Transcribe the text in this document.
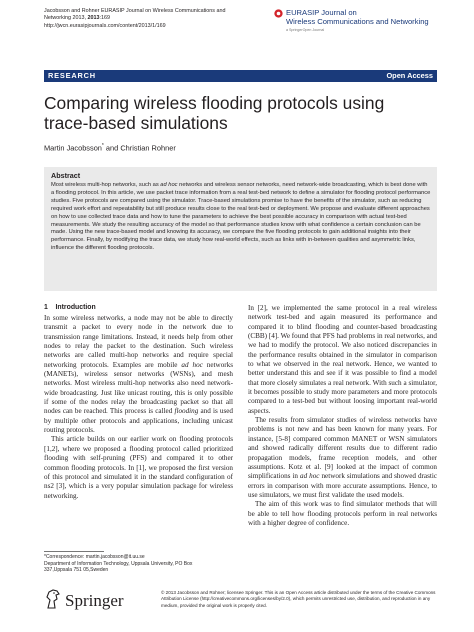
Jacobsson and Rohner EURASIP Journal on Wireless Communications and
Networking 2013, 2013:169
http://jwcn.eurasipjournals.com/content/2013/1/169
EURASIP Journal on
Wireless Communications and Networking
a SpringerOpen Journal
RESEARCH	Open Access
Comparing wireless flooding protocols using
trace-based simulations
Martin Jacobsson* and Christian Rohner
Abstract

Most wireless multi-hop networks, such as ad hoc networks and wireless sensor networks, need network-wide broadcasting, which is best done with a flooding protocol. In this article, we use packet trace information from a real test-bed network to define a simulator for flooding protocol performance studies. Five protocols are compared using the simulator. Trace-based simulations promise to have the benefits of the simulator, such as reducing required work effort and repeatability but still produce results close to the real test-bed or deployment. We propose and evaluate different approaches on how to use collected trace data and how to tune the parameters to achieve the best possible accuracy in comparison with actual test-bed measurements. We study the resulting accuracy of the model so that performance studies know with what confidence a certain conclusion can be made. Using the new trace-based model and knowing its accuracy, we compare the five flooding protocols to gain additional insights into their performance. Finally, by modifying the trace data, we study how real-world effects, such as links with in-between qualities and asymmetric links, influence the different flooding protocols.

1 Introduction

In some wireless networks, a node may not be able to directly transmit a packet to every node in the network due to transmission range limitations. Instead, it needs help from other nodes to relay the packet to the destination. Such wireless networks are called multi-hop networks and require special networking protocols. Examples are mobile ad hoc networks (MANETs), wireless sensor networks (WSNs), and mesh networks. Most wireless multi-hop networks also need network-wide broadcasting. Just like unicast routing, this is only possible if some of the nodes relay the broadcasting packet so that all nodes can be reached. This process is called flooding and is used by multiple other protocols and applications, including unicast routing protocols.

This article builds on our earlier work on flooding protocols [1,2], where we proposed a flooding protocol called prioritized flooding with self-pruning (PFS) and compared it to other common flooding protocols. In [1], we proposed the first version of this protocol and simulated it in the standard configuration of ns2 [3], which is a very popular simulation package for wireless networking.

In [2], we implemented the same protocol in a real wireless network test-bed and again measured its performance and compared it to blind flooding and counter-based broadcasting (CBB) [4]. We found that PFS had problems in real networks, and we had to modify the protocol. We also noticed discrepancies in the performance results obtained in the simulator in comparison to what we observed in the real network. Hence, we wanted to better understand this and see if it was possible to find a model that more closely simulates a real network. With such a simulator, it becomes possible to study more parameters and more protocols compared to a test-bed but without loosing important real-world aspects.

The results from simulator studies of wireless networks have problems is not new and has been known for many years. For instance, [5-8] compared common MANET or WSN simulators and showed radically different results due to different radio propagation models, frame reception models, and other assumptions. Kotz et al. [9] looked at the impact of common simplifications in ad hoc network simulations and showed drastic errors in comparison with more accurate assumptions. Hence, to use simulators, we must first validate the used models.

The aim of this work was to find simulator methods that will be able to tell how flooding protocols perform in real networks with a higher degree of confidence.

*Correspondence: martin.jacobsson@it.uu.se
Department of Information Technology, Uppsala University, PO Box
337,Uppsala 751 05,Sweden
Springer	© 2013 Jacobsson and Rohner; licensee Springer. This is an Open Access article distributed under the terms of the Creative Commons Attribution License (http://creativecommons.org/licenses/by/2.0), which permits unrestricted use, distribution, and reproduction in any medium, provided the original work is properly cited.
